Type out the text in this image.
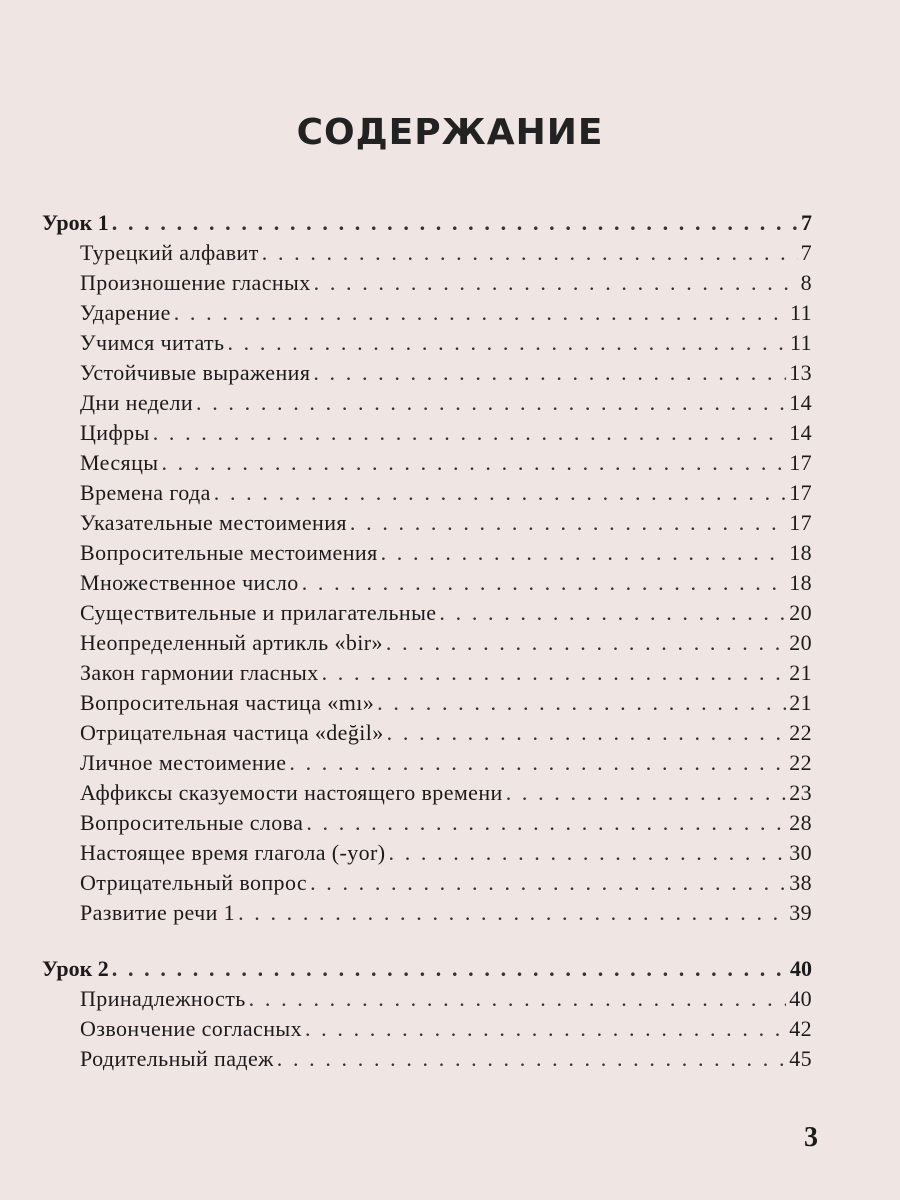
СОДЕРЖАНИЕ
Урок 1 . . .	7
Турецкий алфавит . . .	7
Произношение гласных . . .	8
Ударение . . .	11
Учимся читать . . .	11
Устойчивые выражения . . .	13
Дни недели . . .	14
Цифры . . .	14
Месяцы . . .	17
Времена года . . .	17
Указательные местоимения . . .	17
Вопросительные местоимения . . .	18
Множественное число . . .	18
Существительные и прилагательные . . .	20
Неопределенный артикль «bir» . . .	20
Закон гармонии гласных . . .	21
Вопросительная частица «mı» . . .	21
Отрицательная частица «değil» . . .	22
Личное местоимение . . .	22
Аффиксы сказуемости настоящего времени . . .	23
Вопросительные слова . . .	28
Настоящее время глагола (-yor) . . .	30
Отрицательный вопрос . . .	38
Развитие речи 1 . . .	39
Урок 2 . . .	40
Принадлежность . . .	40
Озвончение согласных . . .	42
Родительный падеж . . .	45
3
